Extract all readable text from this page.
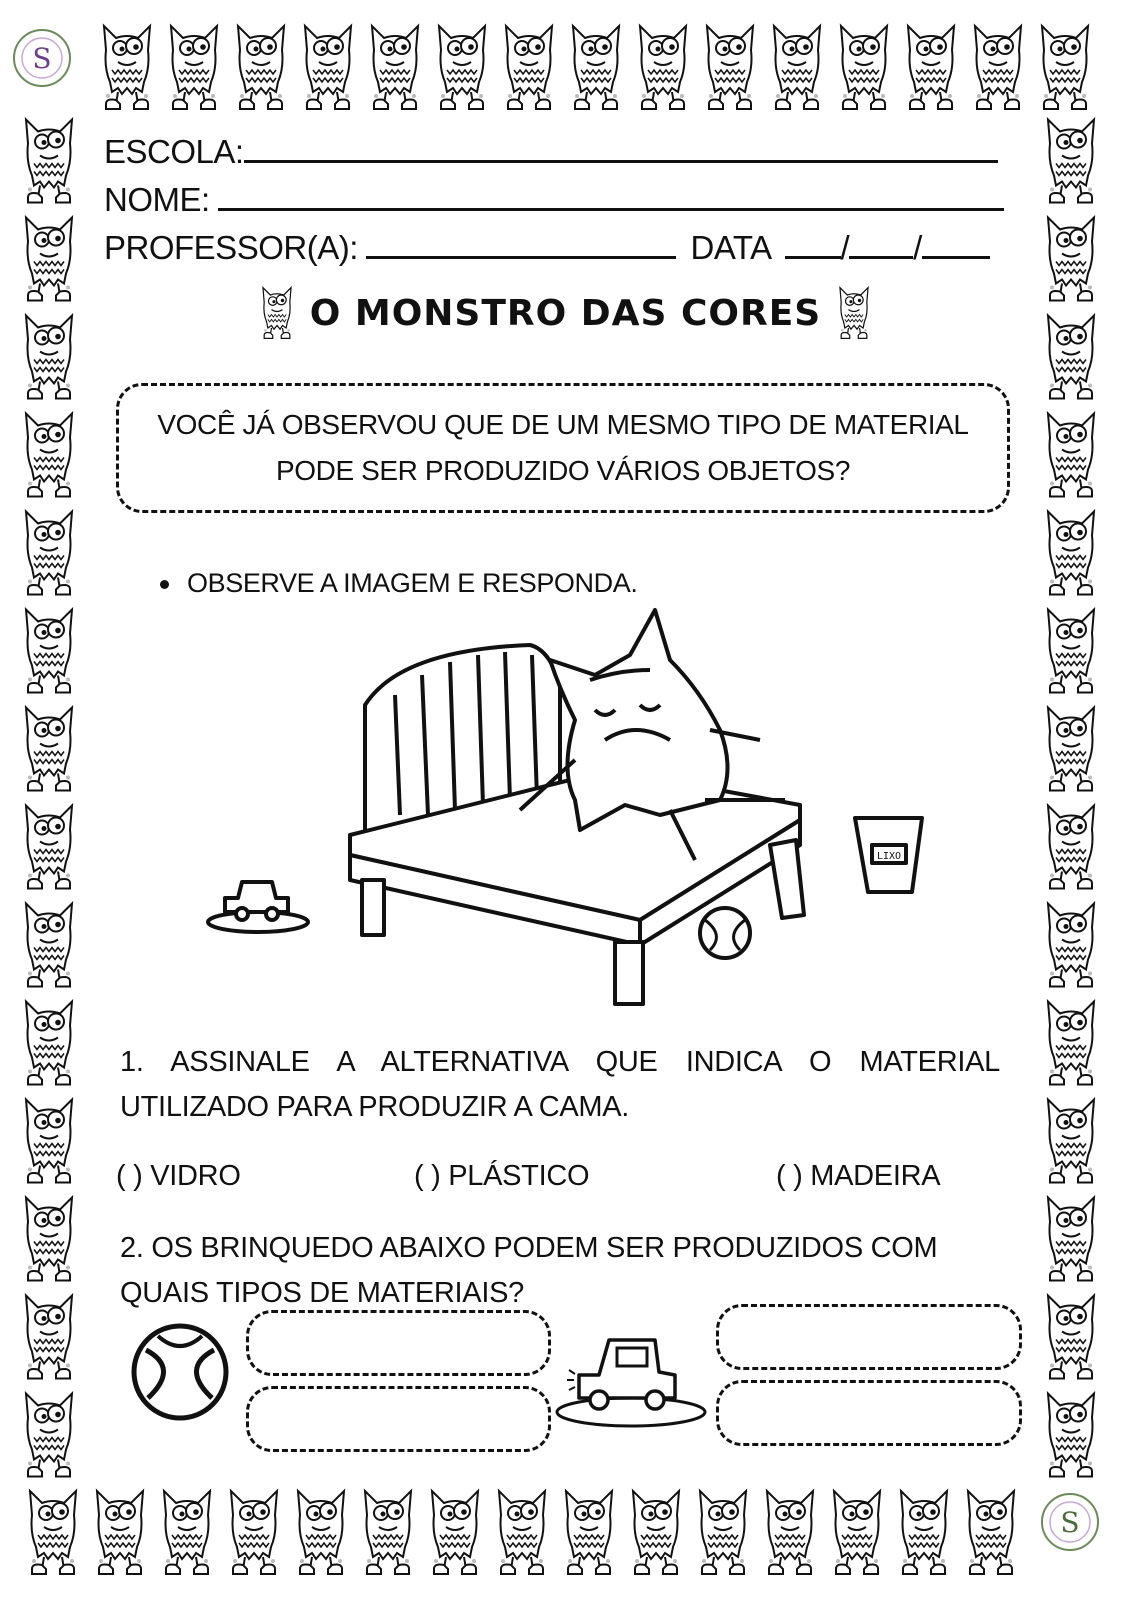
S
S
ESCOLA:
NOME:
PROFESSOR(A):	DATA / /
O MONSTRO DAS CORES
VOCÊ JÁ OBSERVOU QUE DE UM MESMO TIPO DE MATERIAL
PODE SER PRODUZIDO VÁRIOS OBJETOS?
OBSERVE A IMAGEM E RESPONDA.
LIXO
1. ASSINALE A ALTERNATIVA QUE INDICA O MATERIAL
UTILIZADO PARA PRODUZIR A CAMA.
( ) VIDRO	( ) PLÁSTICO	( ) MADEIRA
2. OS BRINQUEDO ABAIXO PODEM SER PRODUZIDOS COM
QUAIS TIPOS DE MATERIAIS?
